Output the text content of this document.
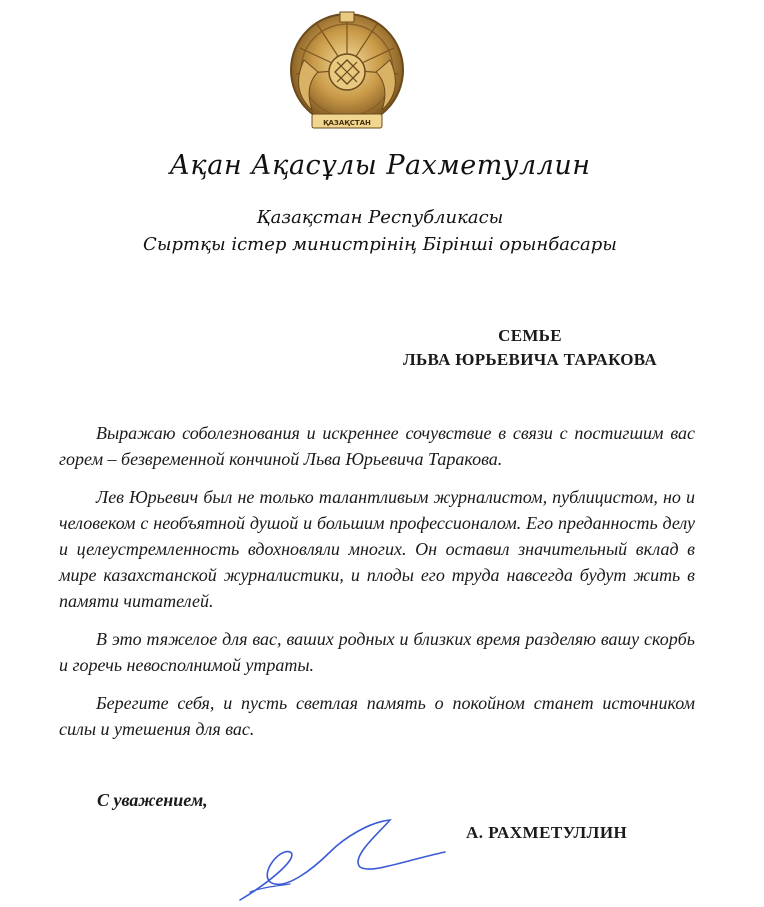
ҚАЗАҚСТАН
Ақан Ақасұлы Рахметуллин
Қазақстан Республикасы
Сыртқы істер министрінің Бірінші орынбасары
СЕМЬЕ
ЛЬВА ЮРЬЕВИЧА ТАРАКОВА

Выражаю соболезнования и искреннее сочувствие в связи с постигшим вас горем – безвременной кончиной Льва Юрьевича Таракова.

Лев Юрьевич был не только талантливым журналистом, публицистом, но и человеком с необъятной душой и большим профессионалом. Его преданность делу и целеустремленность вдохновляли многих. Он оставил значительный вклад в мире казахстанской журналистики, и плоды его труда навсегда будут жить в памяти читателей.

В это тяжелое для вас, ваших родных и близких время разделяю вашу скорбь и горечь невосполнимой утраты.

Берегите себя, и пусть светлая память о покойном станет источником силы и утешения для вас.

С уважением,
А. РАХМЕТУЛЛИН
